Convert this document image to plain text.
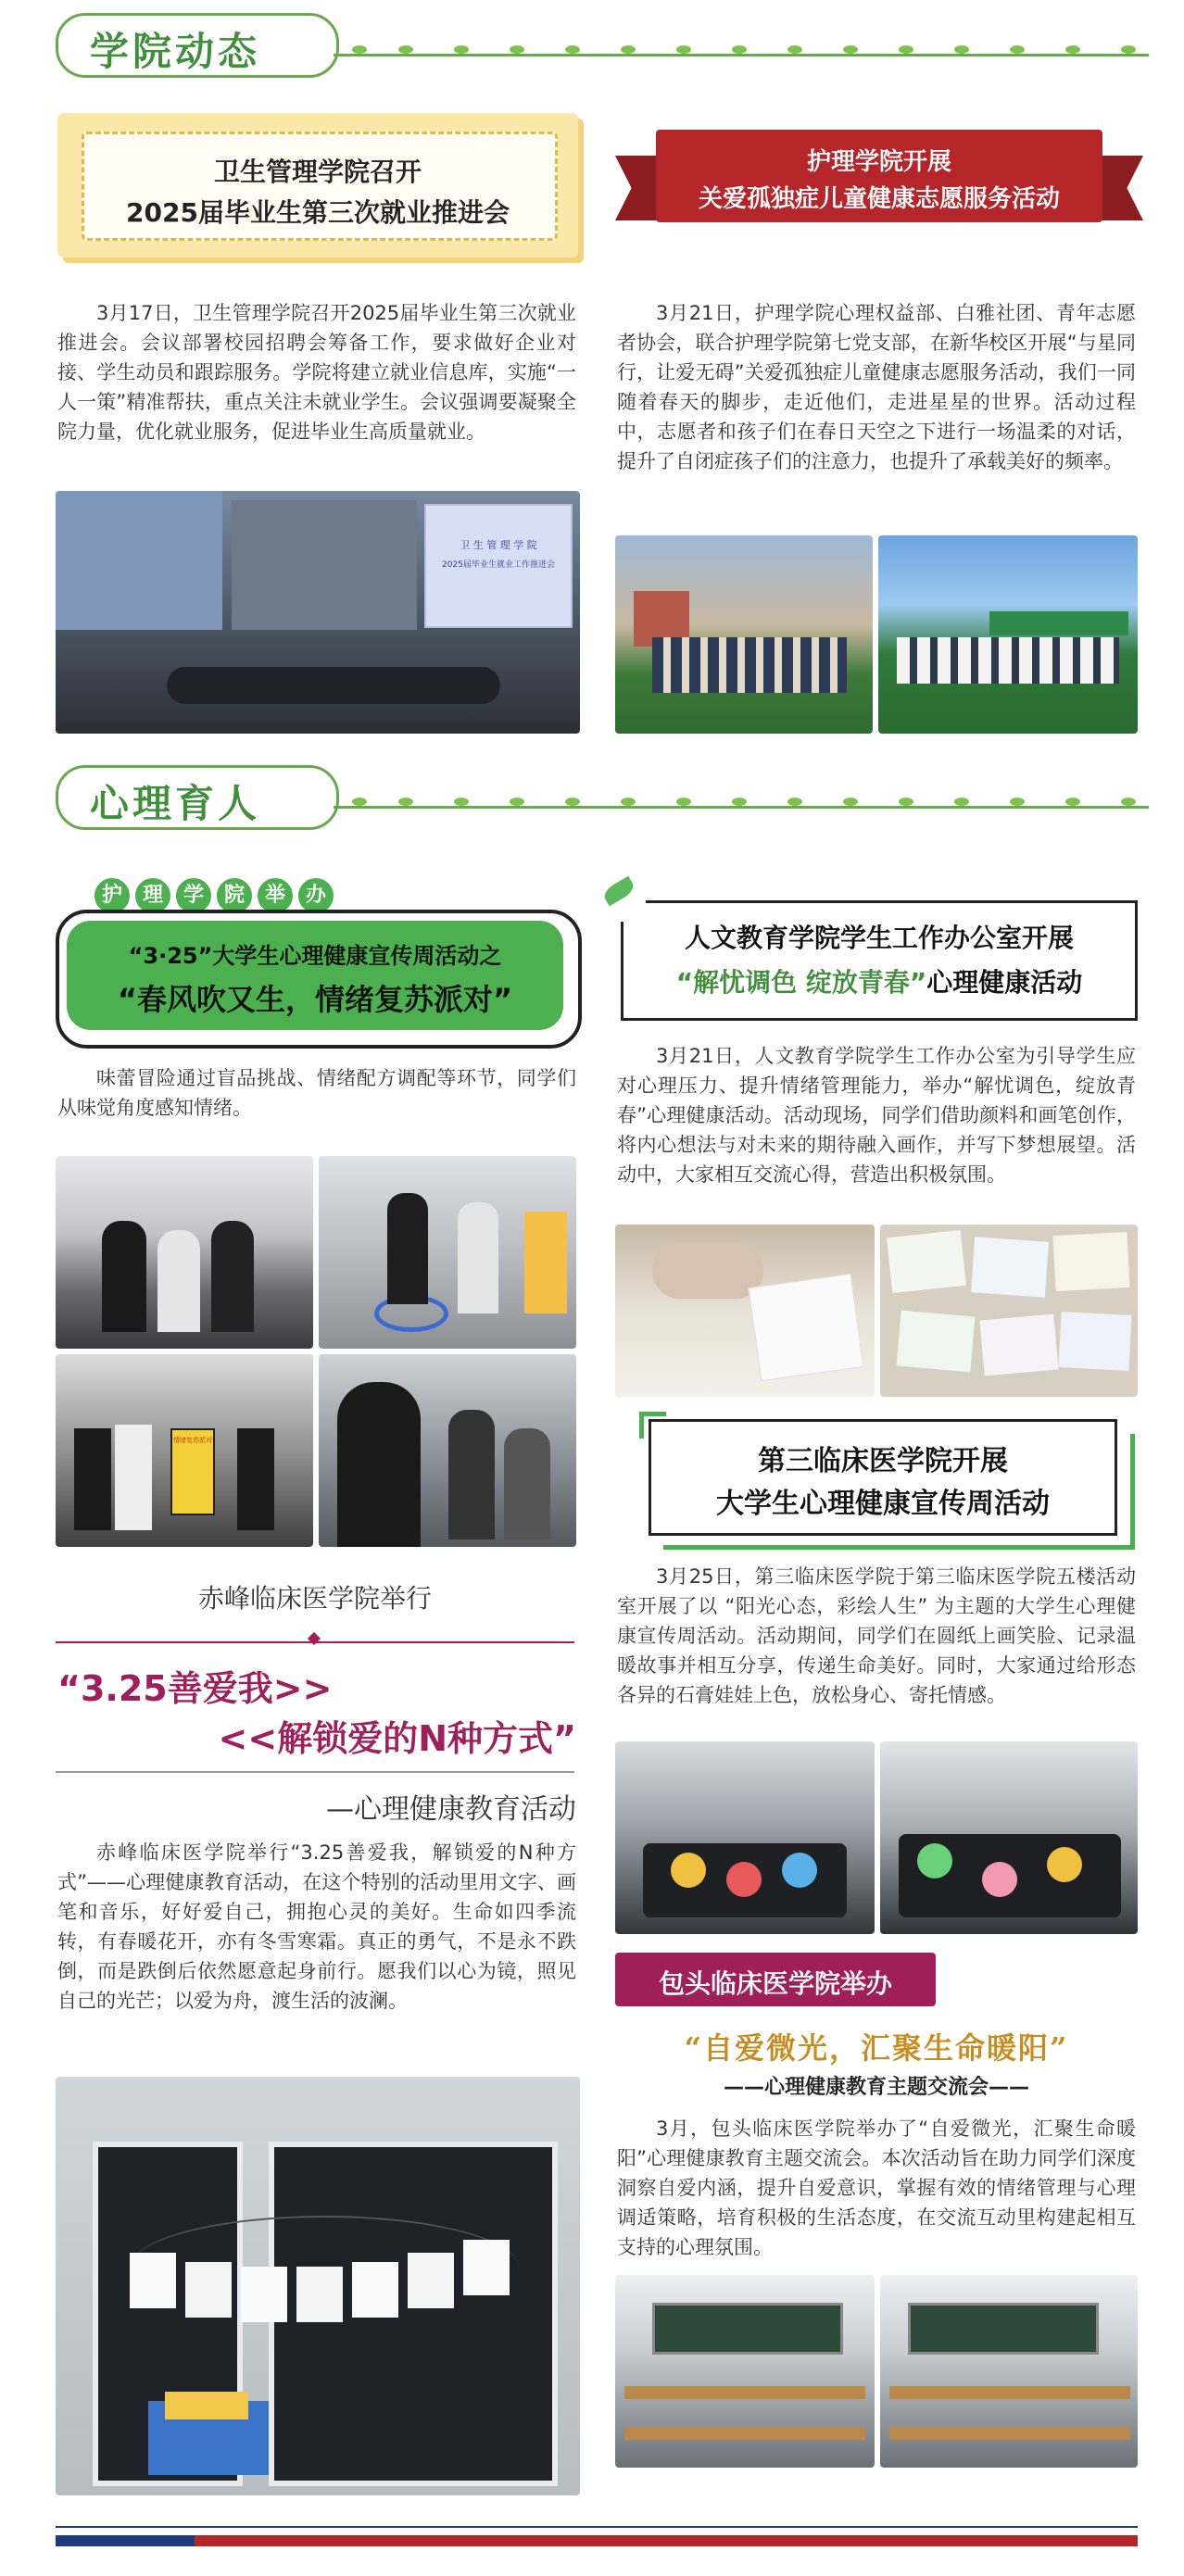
学院动态
卫生管理学院召开
2025届毕业生第三次就业推进会
3月17日，卫生管理学院召开2025届毕业生第三次就业推进会。会议部署校园招聘会筹备工作，要求做好企业对接、学生动员和跟踪服务。学院将建立就业信息库，实施“一人一策”精准帮扶，重点关注未就业学生。会议强调要凝聚全院力量，优化就业服务，促进毕业生高质量就业。
卫 生 管 理 学 院
2025届毕业生就业工作推进会
护理学院开展
关爱孤独症儿童健康志愿服务活动
3月21日，护理学院心理权益部、白雅社团、青年志愿者协会，联合护理学院第七党支部，在新华校区开展“与星同行，让爱无碍”关爱孤独症儿童健康志愿服务活动，我们一同随着春天的脚步，走近他们，走进星星的世界。活动过程中，志愿者和孩子们在春日天空之下进行一场温柔的对话，提升了自闭症孩子们的注意力，也提升了承载美好的频率。
心理育人
护 理 学 院 举 办
“3·25”大学生心理健康宣传周活动之
“春风吹又生，情绪复苏派对”
味蕾冒险通过盲品挑战、情绪配方调配等环节，同学们从味觉角度感知情绪。
情绪复苏派对
赤峰临床医学院举行
“3.25善爱我>>
<<解锁爱的N种方式”
—心理健康教育活动
赤峰临床医学院举行“3.25善爱我，解锁爱的N种方式”——心理健康教育活动，在这个特别的活动里用文字、画笔和音乐，好好爱自己，拥抱心灵的美好。生命如四季流转，有春暖花开，亦有冬雪寒霜。真正的勇气，不是永不跌倒，而是跌倒后依然愿意起身前行。愿我们以心为镜，照见自己的光芒；以爱为舟，渡生活的波澜。
人文教育学院学生工作办公室开展
“解忧调色 绽放青春”心理健康活动
3月21日，人文教育学院学生工作办公室为引导学生应对心理压力、提升情绪管理能力，举办“解忧调色，绽放青春”心理健康活动。活动现场，同学们借助颜料和画笔创作，将内心想法与对未来的期待融入画作，并写下梦想展望。活动中，大家相互交流心得，营造出积极氛围。
第三临床医学院开展
大学生心理健康宣传周活动
3月25日，第三临床医学院于第三临床医学院五楼活动室开展了以 “阳光心态，彩绘人生” 为主题的大学生心理健康宣传周活动。活动期间，同学们在圆纸上画笑脸、记录温暖故事并相互分享，传递生命美好。同时，大家通过给形态各异的石膏娃娃上色，放松身心、寄托情感。
包头临床医学院举办
“自爱微光，汇聚生命暖阳”
——心理健康教育主题交流会——
3月，包头临床医学院举办了“自爱微光，汇聚生命暖阳”心理健康教育主题交流会。本次活动旨在助力同学们深度洞察自爱内涵，提升自爱意识，掌握有效的情绪管理与心理调适策略，培育积极的生活态度，在交流互动里构建起相互支持的心理氛围。
